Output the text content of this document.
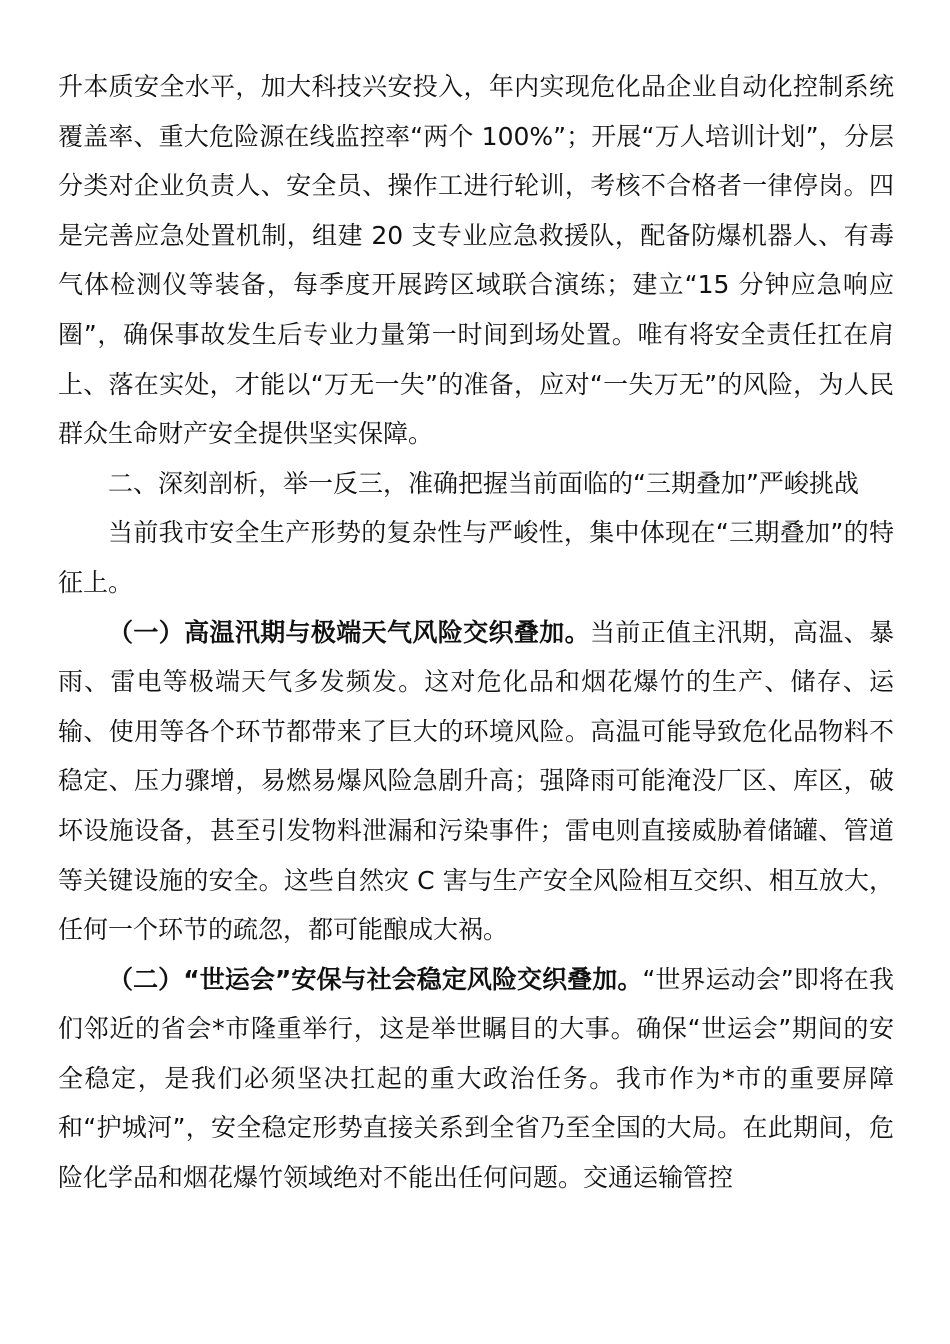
升本质安全水平，加大科技兴安投入，年内实现危化品企业自动化控制系统覆盖率、重大危险源在线监控率“两个 100%”；开展“万人培训计划”，分层分类对企业负责人、安全员、操作工进行轮训，考核不合格者一律停岗。四是完善应急处置机制，组建 20 支专业应急救援队，配备防爆机器人、有毒气体检测仪等装备，每季度开展跨区域联合演练；建立“15 分钟应急响应圈”，确保事故发生后专业力量第一时间到场处置。唯有将安全责任扛在肩上、落在实处，才能以“万无一失”的准备，应对“一失万无”的风险，为人民群众生命财产安全提供坚实保障。

二、深刻剖析，举一反三，准确把握当前面临的“三期叠加”严峻挑战

当前我市安全生产形势的复杂性与严峻性，集中体现在“三期叠加”的特征上。

（一）高温汛期与极端天气风险交织叠加。当前正值主汛期，高温、暴雨、雷电等极端天气多发频发。这对危化品和烟花爆竹的生产、储存、运输、使用等各个环节都带来了巨大的环境风险。高温可能导致危化品物料不稳定、压力骤增，易燃易爆风险急剧升高；强降雨可能淹没厂区、库区，破坏设施设备，甚至引发物料泄漏和污染事件；雷电则直接威胁着储罐、管道等关键设施的安全。这些自然灾 C 害与生产安全风险相互交织、相互放大，任何一个环节的疏忽，都可能酿成大祸。

（二）“世运会”安保与社会稳定风险交织叠加。“世界运动会”即将在我们邻近的省会*市隆重举行，这是举世瞩目的大事。确保“世运会”期间的安全稳定，是我们必须坚决扛起的重大政治任务。我市作为*市的重要屏障和“护城河”，安全稳定形势直接关系到全省乃至全国的大局。在此期间，危险化学品和烟花爆竹领域绝对不能出任何问题。交通运输管控
